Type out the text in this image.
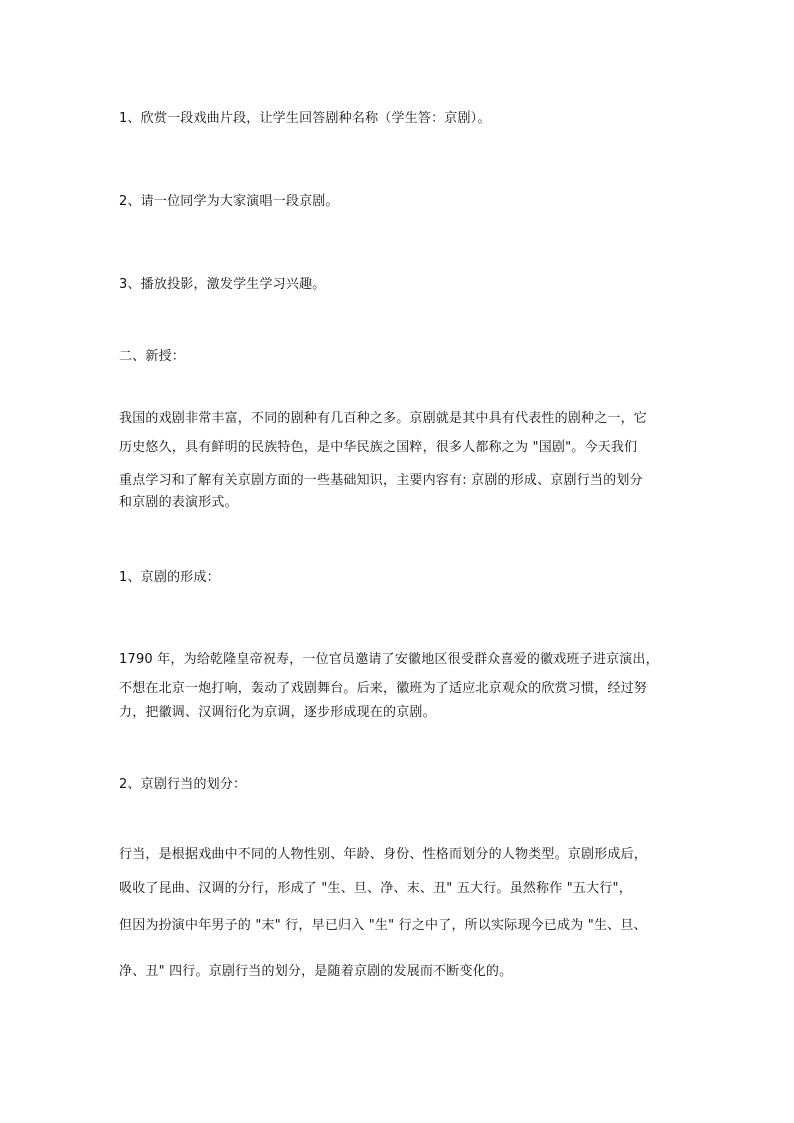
1、欣赏一段戏曲片段，让学生回答剧种名称（学生答：京剧）。
2、请一位同学为大家演唱一段京剧。
3、播放投影，激发学生学习兴趣。
二、新授：
我国的戏剧非常丰富，不同的剧种有几百种之多。京剧就是其中具有代表性的剧种之一，它
历史悠久，具有鲜明的民族特色，是中华民族之国粹，很多人都称之为 "国剧"。今天我们
重点学习和了解有关京剧方面的一些基础知识，主要内容有: 京剧的形成、京剧行当的划分
和京剧的表演形式。
1、京剧的形成：
1790 年，为给乾隆皇帝祝寿，一位官员邀请了安徽地区很受群众喜爱的徽戏班子进京演出，
不想在北京一炮打响，轰动了戏剧舞台。后来，徽班为了适应北京观众的欣赏习惯，经过努
力，把徽调、汉调衍化为京调，逐步形成现在的京剧。
2、京剧行当的划分：
行当，是根据戏曲中不同的人物性别、年龄、身份、性格而划分的人物类型。京剧形成后，
吸收了昆曲、汉调的分行，形成了 "生、旦、净、末、丑" 五大行。虽然称作 "五大行"，
但因为扮演中年男子的 "末" 行，早已归入 "生" 行之中了，所以实际现今已成为 "生、旦、
净、丑" 四行。京剧行当的划分，是随着京剧的发展而不断变化的。
